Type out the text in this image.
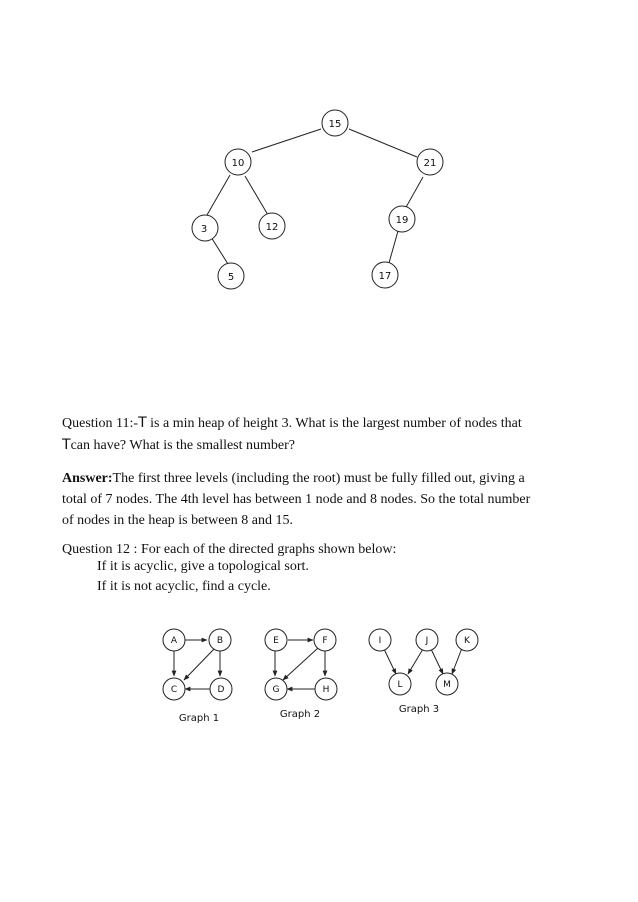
15
10	21
3	12
19
5	17
Question 11:-T is a min heap of height 3. What is the largest number of nodes that
Tcan have? What is the smallest number?
Answer:The first three levels (including the root) must be fully filled out, giving a
total of 7 nodes. The 4th level has between 1 node and 8 nodes. So the total number
of nodes in the heap is between 8 and 15.
Question 12 : For each of the directed graphs shown below:
If it is acyclic, give a topological sort.
If it is not acyclic, find a cycle.
A	B
C	D
Graph 1
E	F
G	H
Graph 2
I	J	K
L	M
Graph 3
